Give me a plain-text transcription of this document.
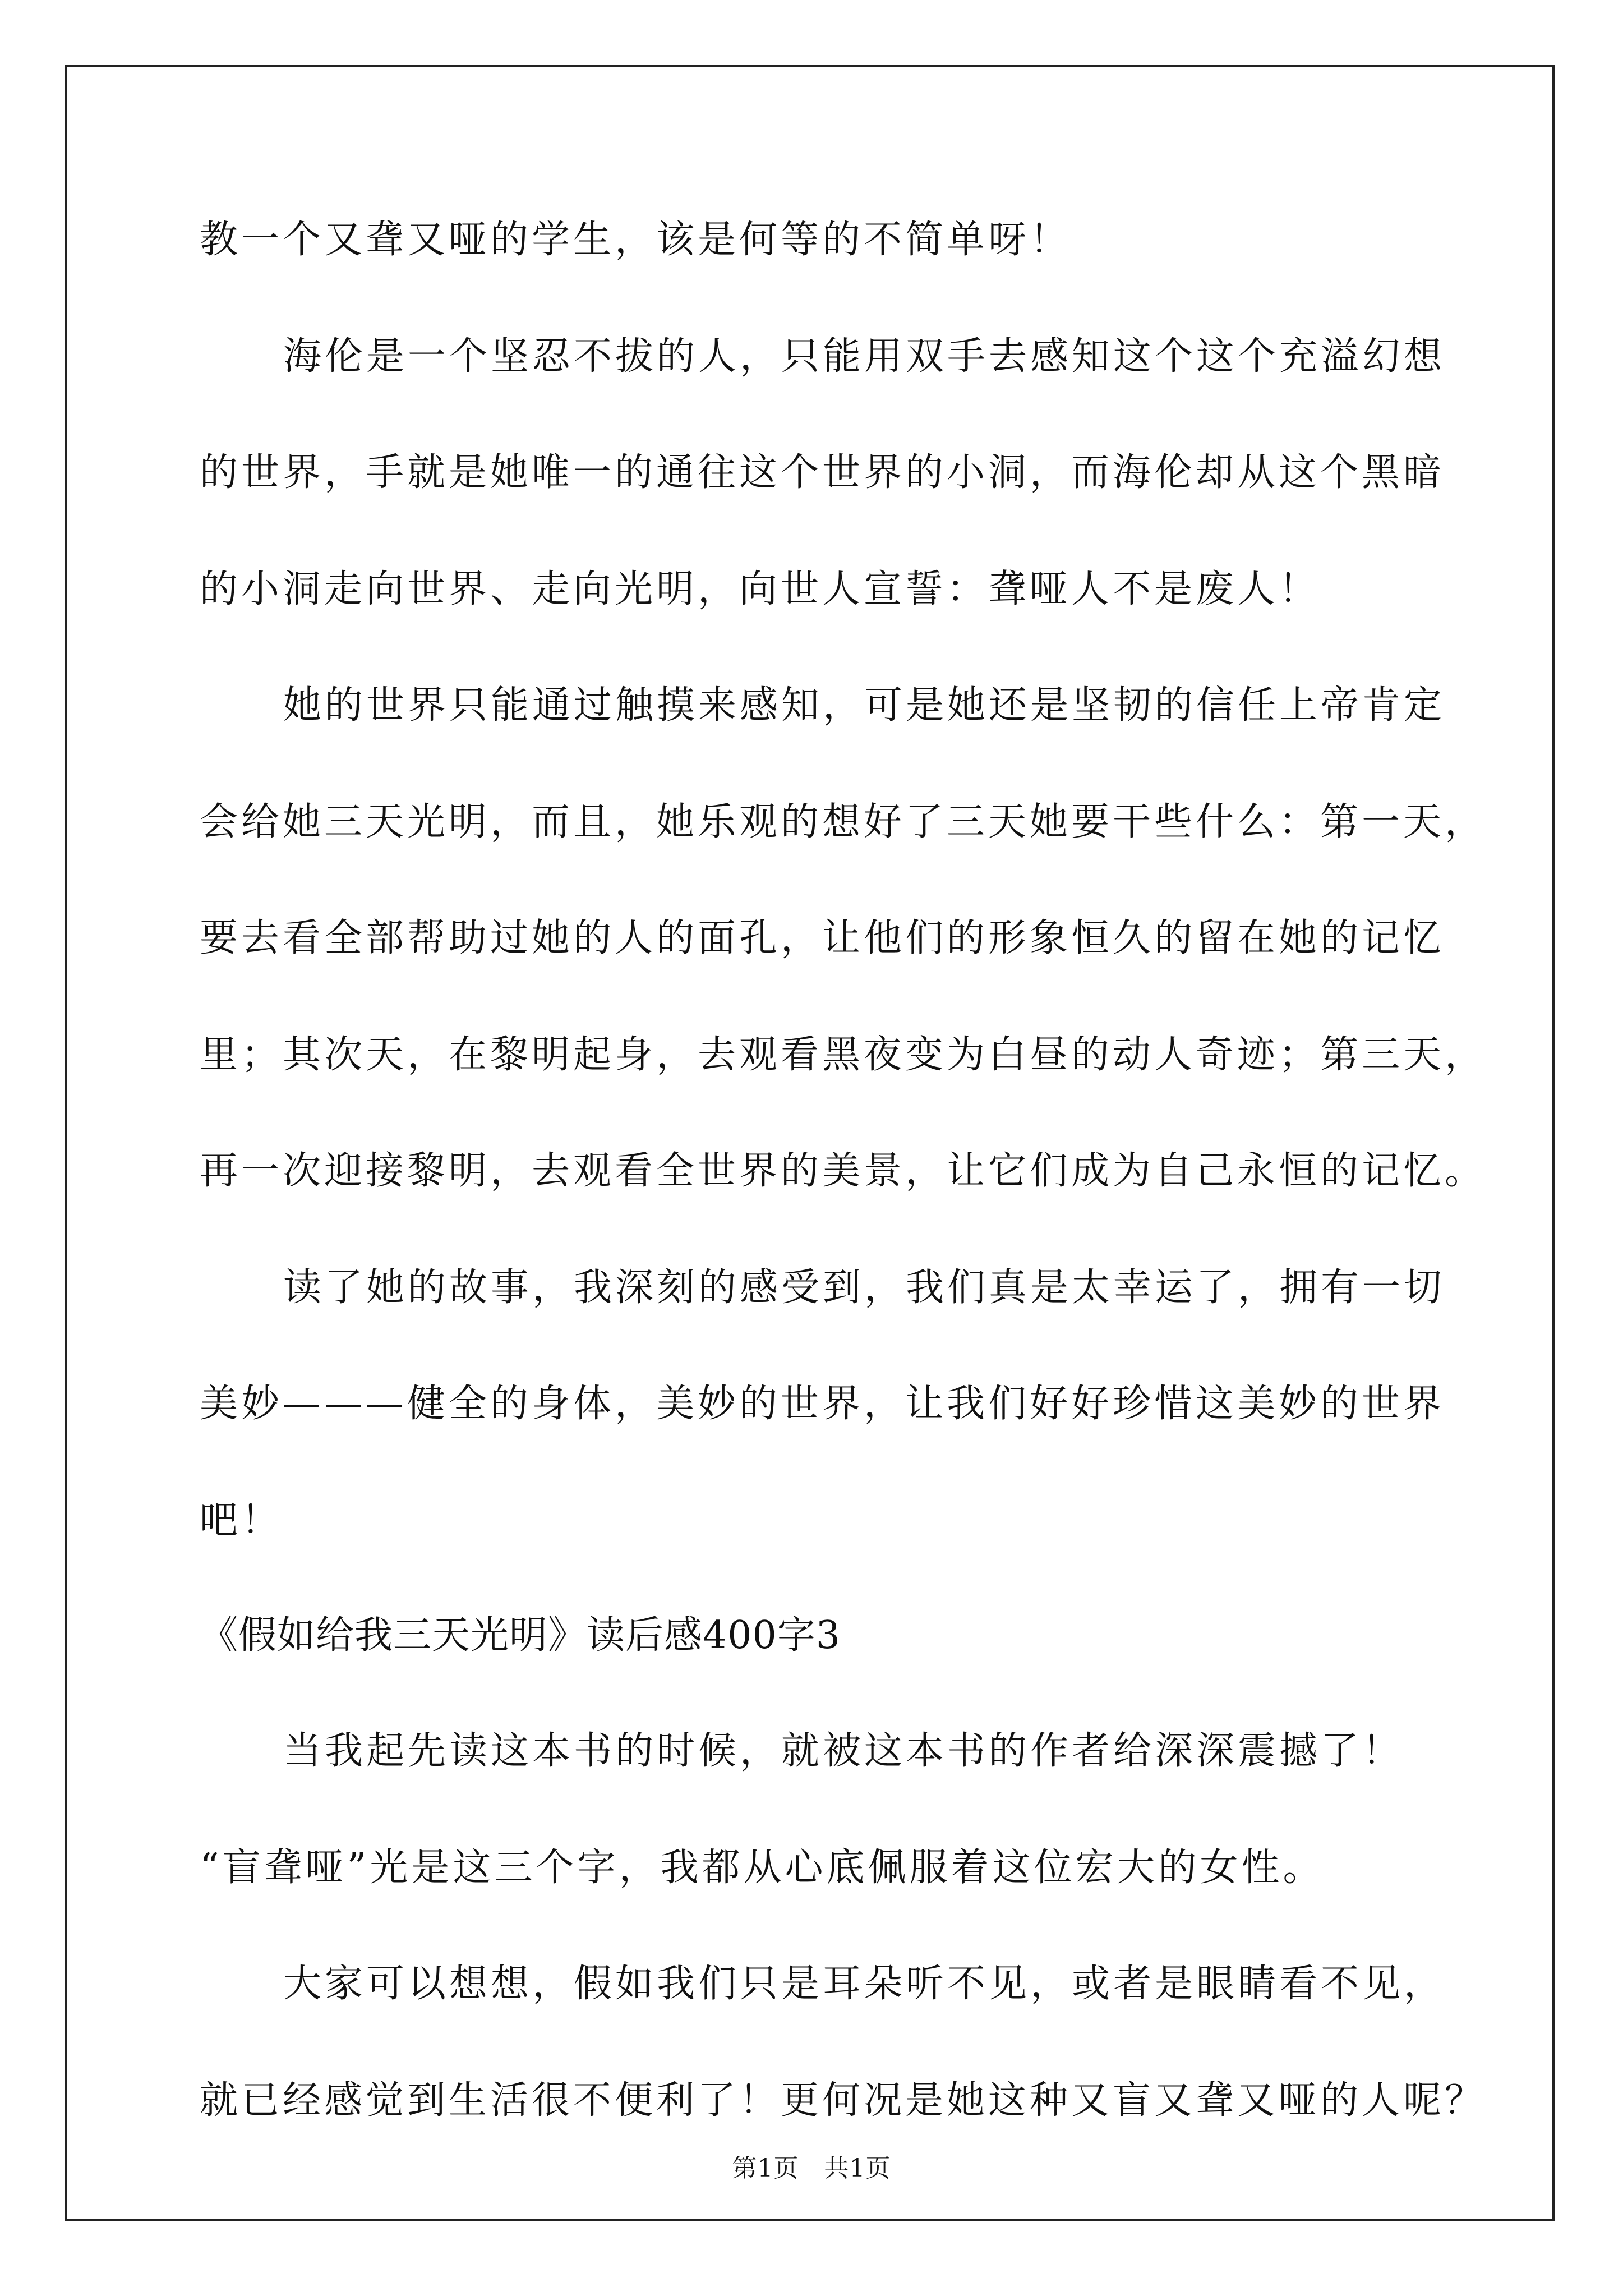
教一个又聋又哑的学生，该是何等的不简单呀！
海伦是一个坚忍不拔的人，只能用双手去感知这个这个充溢幻想
的世界，手就是她唯一的通往这个世界的小洞，而海伦却从这个黑暗
的小洞走向世界、走向光明，向世人宣誓：聋哑人不是废人！
她的世界只能通过触摸来感知，可是她还是坚韧的信任上帝肯定
会给她三天光明，而且，她乐观的想好了三天她要干些什么：第一天，
要去看全部帮助过她的人的面孔，让他们的形象恒久的留在她的记忆
里；其次天，在黎明起身，去观看黑夜变为白昼的动人奇迹；第三天，
再一次迎接黎明，去观看全世界的美景，让它们成为自己永恒的记忆。
读了她的故事，我深刻的感受到，我们真是太幸运了，拥有一切
美妙———健全的身体，美妙的世界，让我们好好珍惜这美妙的世界
吧！
《假如给我三天光明》读后感400字3
当我起先读这本书的时候，就被这本书的作者给深深震撼了！
“盲聋哑”光是这三个字，我都从心底佩服着这位宏大的女性。
大家可以想想，假如我们只是耳朵听不见，或者是眼睛看不见，
就已经感觉到生活很不便利了！更何况是她这种又盲又聋又哑的人呢？
第1页　共1页
